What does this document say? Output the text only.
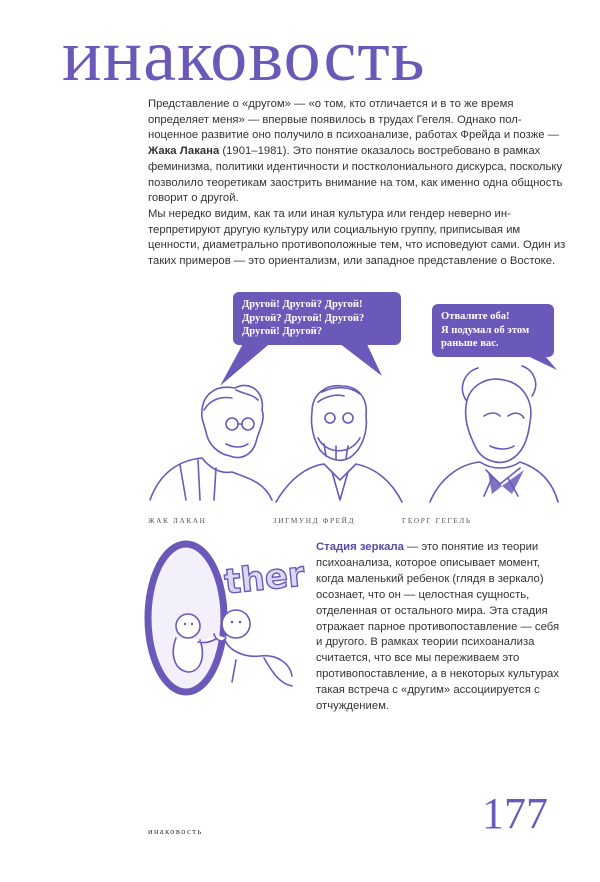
инаковость

Представление о «другом» — «о том, кто отличается и в то же время определяет меня» — впервые появилось в трудах Гегеля. Однако полноценное развитие оно получило в психоанализе, работах Фрейда и позже — Жака Лакана (1901–1981). Это понятие оказалось востребовано в рамках феминизма, политики идентичности и постколониального дискурса, поскольку позволило теоретикам заострить внимание на том, как именно одна общность говорит о другой.

Мы нередко видим, как та или иная культура или гендер неверно интерпретируют другую культуру или социальную группу, приписывая им ценности, диаметрально противоположные тем, что исповедуют сами. Один из таких примеров — это ориентализм, или западное представление о Востоке.

Другой! Другой? Другой!
Другой? Другой! Другой?
Другой! Другой?
Отвалите оба!
Я подумал об этом
раньше вас.
ЖАК ЛАКАН	ЗИГМУНД ФРЕЙД	ГЕОРГ ГЕГЕЛЬ
ther
Стадия зеркала — это понятие из теории психоанализа, которое описывает момент, когда маленький ребенок (глядя в зеркало) осознает, что он — целостная сущность, отделенная от остального мира. Эта стадия отражает парное противопоставление — себя и другого. В рамках теории психоанализа считается, что все мы переживаем это противопоставление, а в некоторых культурах такая встреча с «другим» ассоциируется с отчуждением.
инаковость	177
